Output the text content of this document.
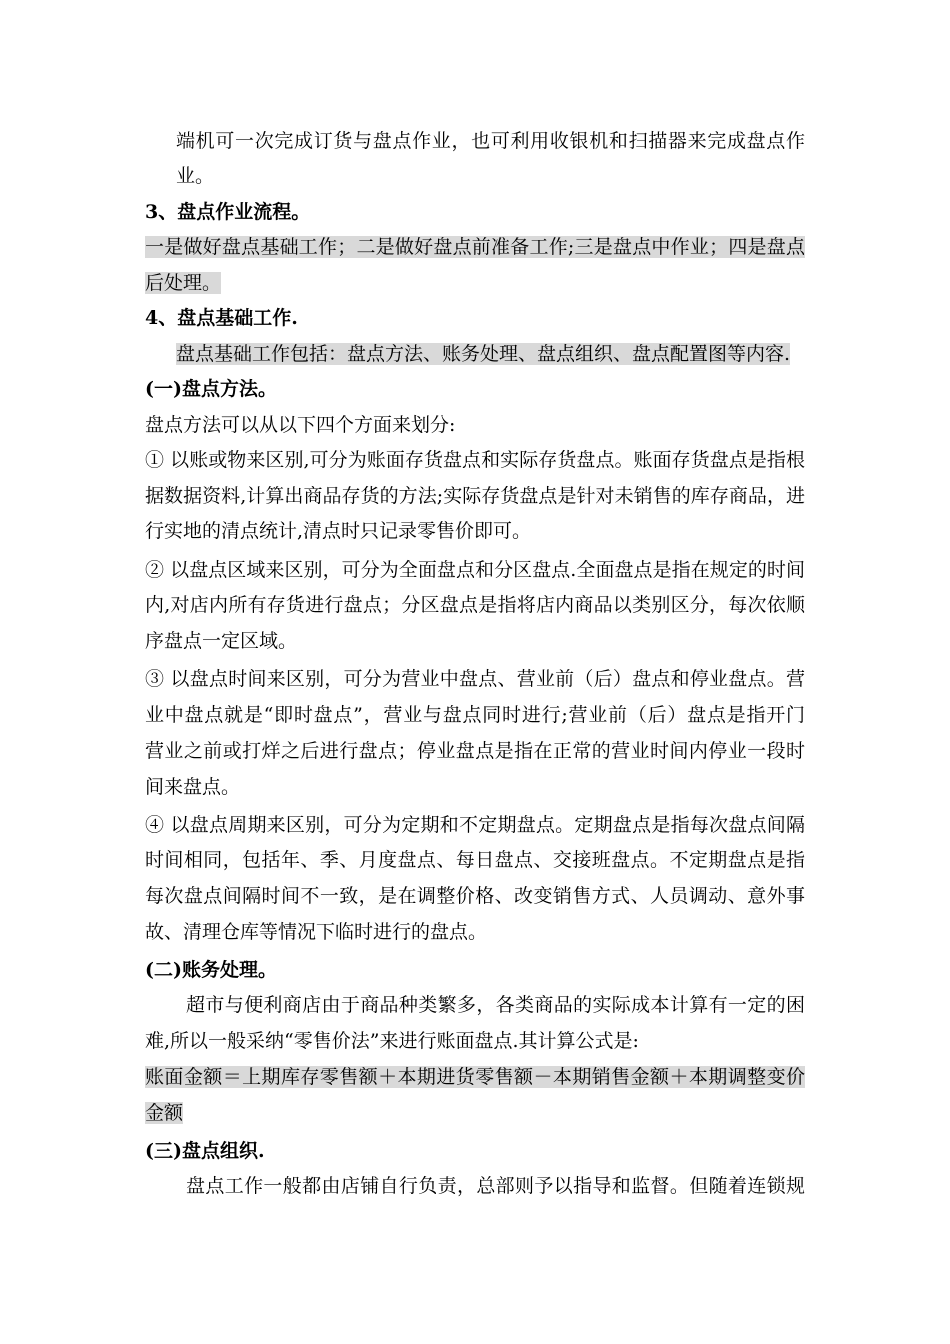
端机可一次完成订货与盘点作业，也可利用收银机和扫描器来完成盘点作
业。
3、盘点作业流程。
一是做好盘点基础工作；二是做好盘点前准备工作;三是盘点中作业；四是盘点
后处理。
4、盘点基础工作.
盘点基础工作包括：盘点方法、账务处理、盘点组织、盘点配置图等内容.
(一)盘点方法。
盘点方法可以从以下四个方面来划分:
① 以账或物来区别,可分为账面存货盘点和实际存货盘点。账面存货盘点是指根
据数据资料,计算出商品存货的方法;实际存货盘点是针对未销售的库存商品，进
行实地的清点统计,清点时只记录零售价即可。
② 以盘点区域来区别，可分为全面盘点和分区盘点.全面盘点是指在规定的时间
内,对店内所有存货进行盘点；分区盘点是指将店内商品以类别区分，每次依顺
序盘点一定区域。
③ 以盘点时间来区别，可分为营业中盘点、营业前（后）盘点和停业盘点。营
业中盘点就是“即时盘点”，营业与盘点同时进行;营业前（后）盘点是指开门
营业之前或打烊之后进行盘点；停业盘点是指在正常的营业时间内停业一段时
间来盘点。
④ 以盘点周期来区别，可分为定期和不定期盘点。定期盘点是指每次盘点间隔
时间相同，包括年、季、月度盘点、每日盘点、交接班盘点。不定期盘点是指
每次盘点间隔时间不一致，是在调整价格、改变销售方式、人员调动、意外事
故、清理仓库等情况下临时进行的盘点。
(二)账务处理。
超市与便利商店由于商品种类繁多，各类商品的实际成本计算有一定的困
难,所以一般采纳“零售价法”来进行账面盘点.其计算公式是:
账面金额＝上期库存零售额＋本期进货零售额－本期销售金额＋本期调整变价
金额
(三)盘点组织.
盘点工作一般都由店铺自行负责，总部则予以指导和监督。但随着连锁规
